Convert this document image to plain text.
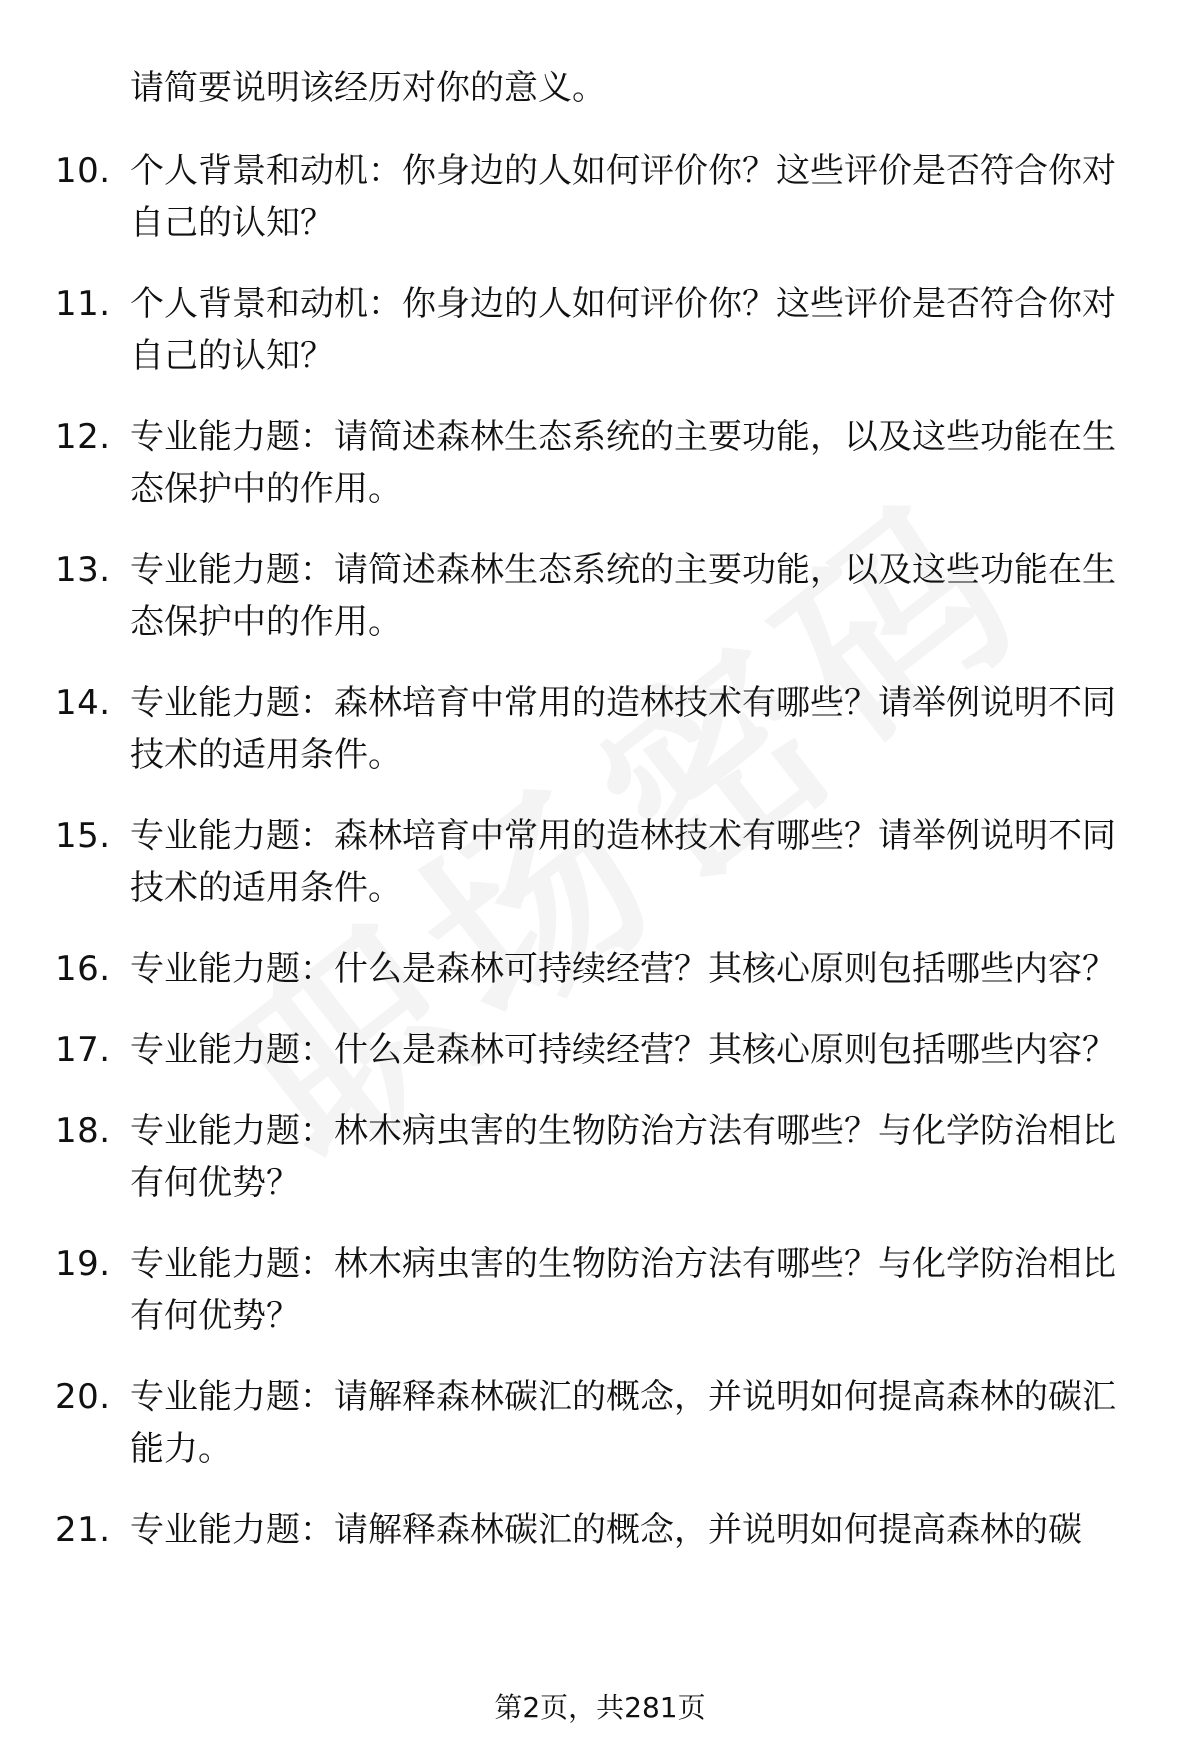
请简要说明该经历对你的意义。
10. 个人背景和动机：你身边的人如何评价你？这些评价是否符合你对自己的认知？
11. 个人背景和动机：你身边的人如何评价你？这些评价是否符合你对自己的认知？
12. 专业能力题：请简述森林生态系统的主要功能，以及这些功能在生态保护中的作用。
13. 专业能力题：请简述森林生态系统的主要功能，以及这些功能在生态保护中的作用。
14. 专业能力题：森林培育中常用的造林技术有哪些？请举例说明不同技术的适用条件。
15. 专业能力题：森林培育中常用的造林技术有哪些？请举例说明不同技术的适用条件。
16. 专业能力题：什么是森林可持续经营？其核心原则包括哪些内容？
17. 专业能力题：什么是森林可持续经营？其核心原则包括哪些内容？
18. 专业能力题：林木病虫害的生物防治方法有哪些？与化学防治相比有何优势？
19. 专业能力题：林木病虫害的生物防治方法有哪些？与化学防治相比有何优势？
20. 专业能力题：请解释森林碳汇的概念，并说明如何提高森林的碳汇能力。
21. 专业能力题：请解释森林碳汇的概念，并说明如何提高森林的碳
第2页，共281页
